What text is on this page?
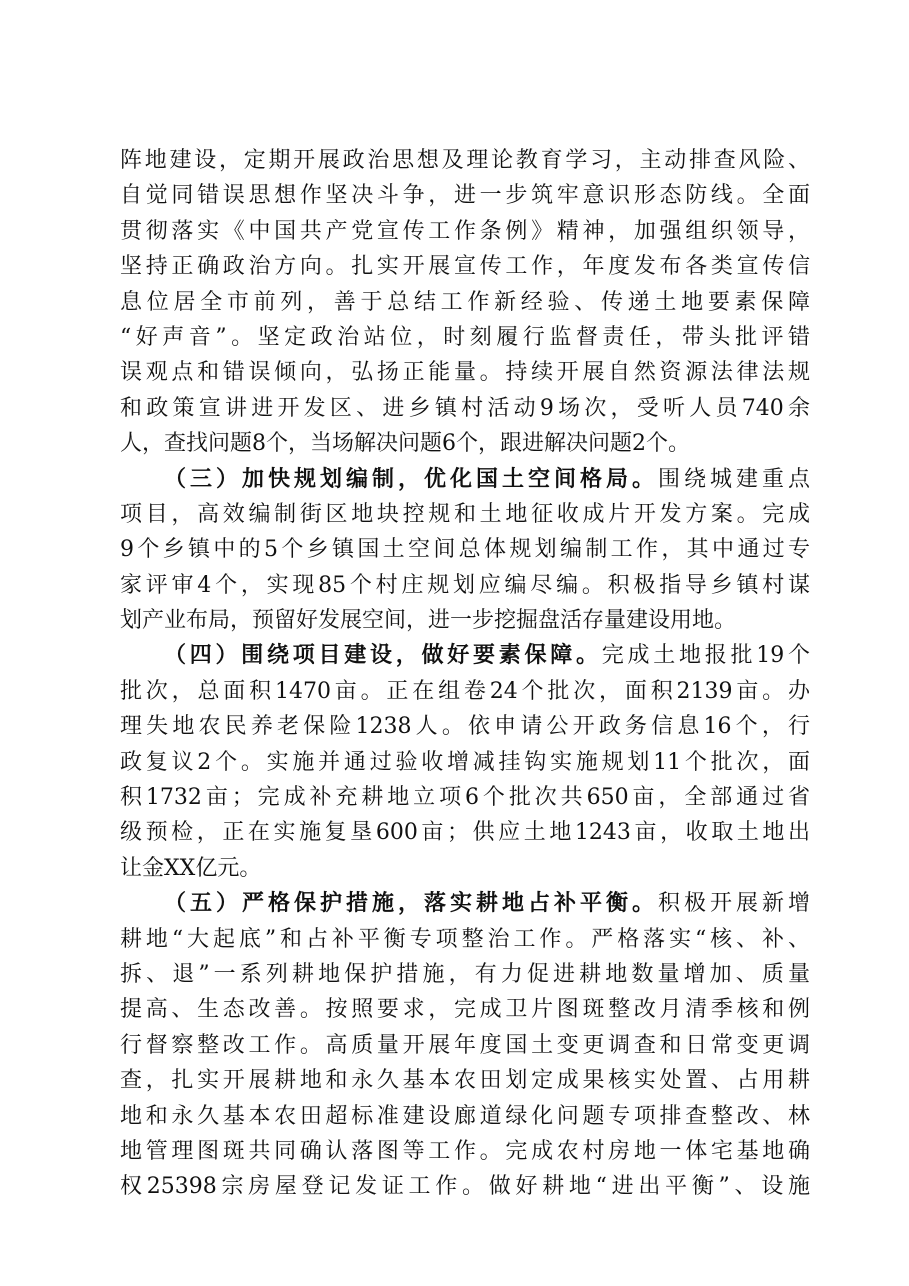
阵地建设，定期开展政治思想及理论教育学习，主动排查风险、
自觉同错误思想作坚决斗争，进一步筑牢意识形态防线。全面
贯彻落实《中国共产党宣传工作条例》精神，加强组织领导，
坚持正确政治方向。扎实开展宣传工作，年度发布各类宣传信
息位居全市前列，善于总结工作新经验、传递土地要素保障
“好声音”。坚定政治站位，时刻履行监督责任，带头批评错
误观点和错误倾向，弘扬正能量。持续开展自然资源法律法规
和政策宣讲进开发区、进乡镇村活动9场次，受听人员740余
人，查找问题8个，当场解决问题6个，跟进解决问题2个。
（三）加快规划编制，优化国土空间格局。围绕城建重点
项目，高效编制街区地块控规和土地征收成片开发方案。完成
9个乡镇中的5个乡镇国土空间总体规划编制工作，其中通过专
家评审4个，实现85个村庄规划应编尽编。积极指导乡镇村谋
划产业布局，预留好发展空间，进一步挖掘盘活存量建设用地。
（四）围绕项目建设，做好要素保障。完成土地报批19个
批次，总面积1470亩。正在组卷24个批次，面积2139亩。办
理失地农民养老保险1238人。依申请公开政务信息16个，行
政复议2个。实施并通过验收增减挂钩实施规划11个批次，面
积1732亩；完成补充耕地立项6个批次共650亩，全部通过省
级预检，正在实施复垦600亩；供应土地1243亩，收取土地出
让金XX亿元。
（五）严格保护措施，落实耕地占补平衡。积极开展新增
耕地“大起底”和占补平衡专项整治工作。严格落实“核、补、
拆、退”一系列耕地保护措施，有力促进耕地数量增加、质量
提高、生态改善。按照要求，完成卫片图斑整改月清季核和例
行督察整改工作。高质量开展年度国土变更调查和日常变更调
查，扎实开展耕地和永久基本农田划定成果核实处置、占用耕
地和永久基本农田超标准建设廊道绿化问题专项排查整改、林
地管理图斑共同确认落图等工作。完成农村房地一体宅基地确
权25398宗房屋登记发证工作。做好耕地“进出平衡”、设施
